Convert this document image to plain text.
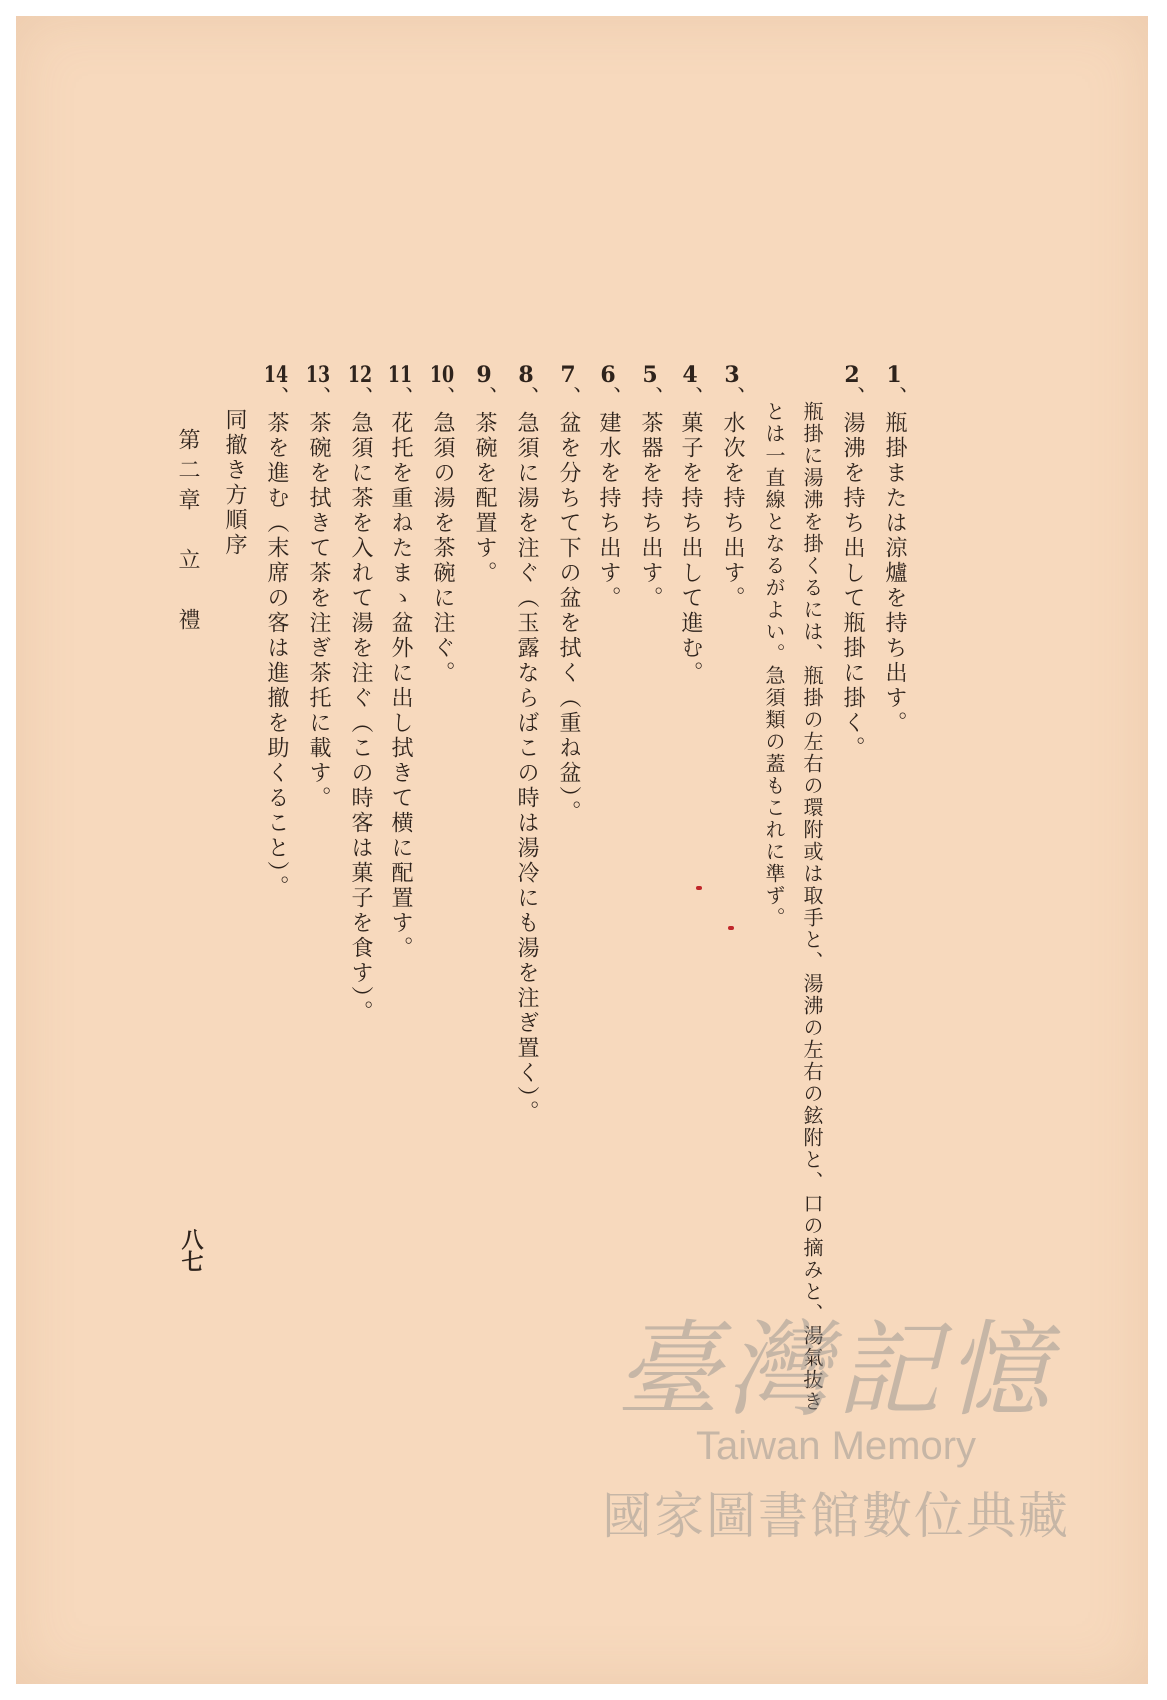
1、瓶掛または涼爐を持ち出す。
2、湯沸を持ち出して瓶掛に掛く。
瓶掛に湯沸を掛くるには、瓶掛の左右の環附或は取手と、湯沸の左右の鉉附と、口の摘みと、湯氣抜き
とは一直線となるがよい。急須類の蓋もこれに準ず。
3、水次を持ち出す。
4、菓子を持ち出して進む。
5、茶器を持ち出す。
6、建水を持ち出す。
7、盆を分ちて下の盆を拭く（重ね盆）。
8、急須に湯を注ぐ（玉露ならばこの時は湯冷にも湯を注ぎ置く）。
9、茶碗を配置す。
10、急須の湯を茶碗に注ぐ。
11、花托を重ねたまゝ盆外に出し拭きて横に配置す。
12、急須に茶を入れて湯を注ぐ（この時客は菓子を食す）。
13、茶碗を拭きて茶を注ぎ茶托に載す。
14、茶を進む（末席の客は進撤を助くること）。
同撤き方順序
第二章　立　禮
八七
臺灣記憶
Taiwan Memory
國家圖書館數位典藏
